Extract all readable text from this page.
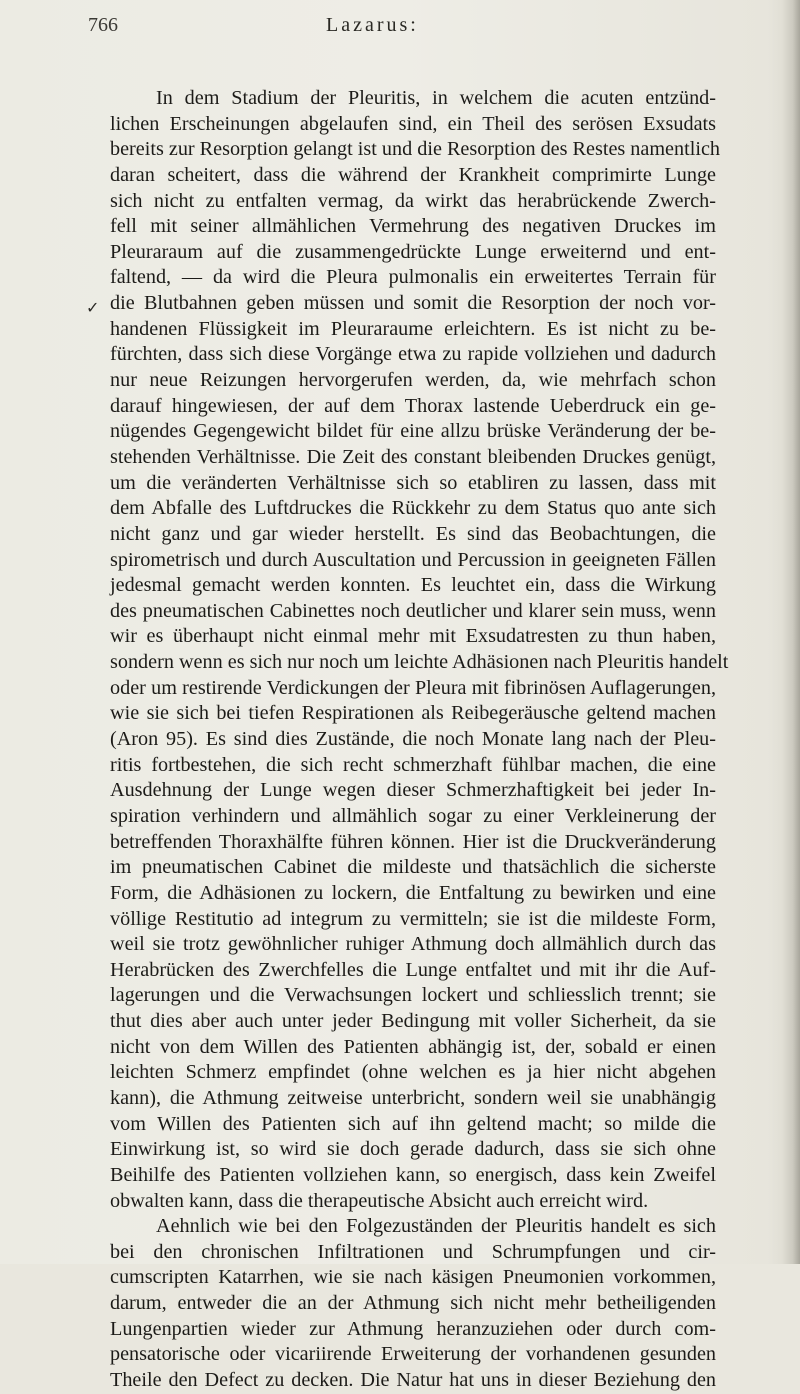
766	Lazarus:
✓
In dem Stadium der Pleuritis, in welchem die acuten entzünd-
lichen Erscheinungen abgelaufen sind, ein Theil des serösen Exsudats
bereits zur Resorption gelangt ist und die Resorption des Restes namentlich
daran scheitert, dass die während der Krankheit comprimirte Lunge
sich nicht zu entfalten vermag, da wirkt das herabrückende Zwerch-
fell mit seiner allmählichen Vermehrung des negativen Druckes im
Pleuraraum auf die zusammengedrückte Lunge erweiternd und ent-
faltend, — da wird die Pleura pulmonalis ein erweitertes Terrain für
die Blutbahnen geben müssen und somit die Resorption der noch vor-
handenen Flüssigkeit im Pleuraraume erleichtern. Es ist nicht zu be-
fürchten, dass sich diese Vorgänge etwa zu rapide vollziehen und dadurch
nur neue Reizungen hervorgerufen werden, da, wie mehrfach schon
darauf hingewiesen, der auf dem Thorax lastende Ueberdruck ein ge-
nügendes Gegengewicht bildet für eine allzu brüske Veränderung der be-
stehenden Verhältnisse. Die Zeit des constant bleibenden Druckes genügt,
um die veränderten Verhältnisse sich so etabliren zu lassen, dass mit
dem Abfalle des Luftdruckes die Rückkehr zu dem Status quo ante sich
nicht ganz und gar wieder herstellt. Es sind das Beobachtungen, die
spirometrisch und durch Auscultation und Percussion in geeigneten Fällen
jedesmal gemacht werden konnten. Es leuchtet ein, dass die Wirkung
des pneumatischen Cabinettes noch deutlicher und klarer sein muss, wenn
wir es überhaupt nicht einmal mehr mit Exsudatresten zu thun haben,
sondern wenn es sich nur noch um leichte Adhäsionen nach Pleuritis handelt
oder um restirende Verdickungen der Pleura mit fibrinösen Auflagerungen,
wie sie sich bei tiefen Respirationen als Reibegeräusche geltend machen
(Aron 95). Es sind dies Zustände, die noch Monate lang nach der Pleu-
ritis fortbestehen, die sich recht schmerzhaft fühlbar machen, die eine
Ausdehnung der Lunge wegen dieser Schmerzhaftigkeit bei jeder In-
spiration verhindern und allmählich sogar zu einer Verkleinerung der
betreffenden Thoraxhälfte führen können. Hier ist die Druckveränderung
im pneumatischen Cabinet die mildeste und thatsächlich die sicherste
Form, die Adhäsionen zu lockern, die Entfaltung zu bewirken und eine
völlige Restitutio ad integrum zu vermitteln; sie ist die mildeste Form,
weil sie trotz gewöhnlicher ruhiger Athmung doch allmählich durch das
Herabrücken des Zwerchfelles die Lunge entfaltet und mit ihr die Auf-
lagerungen und die Verwachsungen lockert und schliesslich trennt; sie
thut dies aber auch unter jeder Bedingung mit voller Sicherheit, da sie
nicht von dem Willen des Patienten abhängig ist, der, sobald er einen
leichten Schmerz empfindet (ohne welchen es ja hier nicht abgehen
kann), die Athmung zeitweise unterbricht, sondern weil sie unabhängig
vom Willen des Patienten sich auf ihn geltend macht; so milde die
Einwirkung ist, so wird sie doch gerade dadurch, dass sie sich ohne
Beihilfe des Patienten vollziehen kann, so energisch, dass kein Zweifel
obwalten kann, dass die therapeutische Absicht auch erreicht wird.
Aehnlich wie bei den Folgezuständen der Pleuritis handelt es sich
bei den chronischen Infiltrationen und Schrumpfungen und cir-
cumscripten Katarrhen, wie sie nach käsigen Pneumonien vorkommen,
darum, entweder die an der Athmung sich nicht mehr betheiligenden
Lungenpartien wieder zur Athmung heranzuziehen oder durch com-
pensatorische oder vicariirende Erweiterung der vorhandenen gesunden
Theile den Defect zu decken. Die Natur hat uns in dieser Beziehung den
